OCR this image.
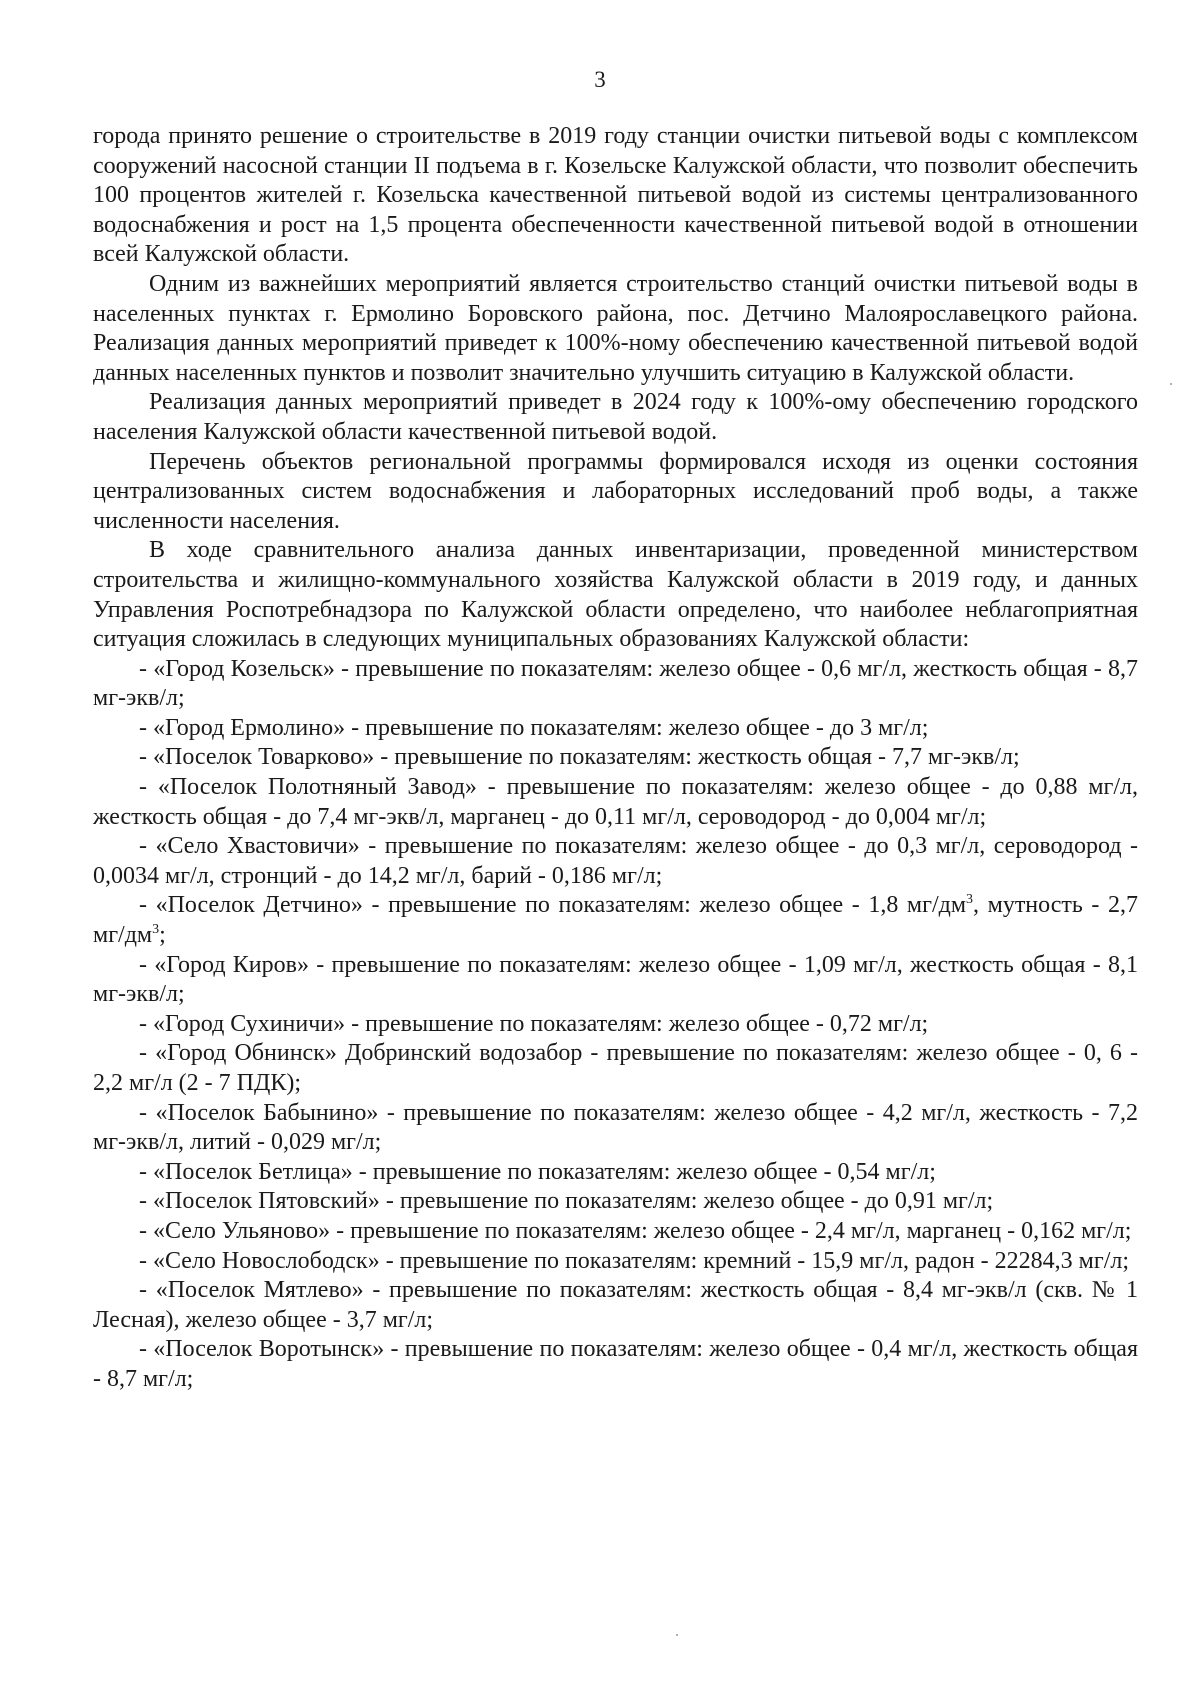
3

города принято решение о строительстве в 2019 году станции очистки питьевой воды с комплексом сооружений насосной станции II подъема в г. Козельске Калужской области, что позволит обеспечить 100 процентов жителей г. Козельска качественной питьевой водой из системы централизованного водоснабжения и рост на 1,5 процента обеспеченности качественной питьевой водой в отношении всей Калужской области.

Одним из важнейших мероприятий является строительство станций очистки питьевой воды в населенных пунктах г. Ермолино Боровского района, пос. Детчино Малоярославецкого района. Реализация данных мероприятий приведет к 100%-ному обеспечению качественной питьевой водой данных населенных пунктов и позволит значительно улучшить ситуацию в Калужской области.

Реализация данных мероприятий приведет в 2024 году к 100%-ому обеспечению городского населения Калужской области качественной питьевой водой.

Перечень объектов региональной программы формировался исходя из оценки состояния централизованных систем водоснабжения и лабораторных исследований проб воды, а также численности населения.

В ходе сравнительного анализа данных инвентаризации, проведенной министерством строительства и жилищно-коммунального хозяйства Калужской области в 2019 году, и данных Управления Роспотребнадзора по Калужской области определено, что наиболее неблагоприятная ситуация сложилась в следующих муниципальных образованиях Калужской области:

- «Город Козельск» - превышение по показателям: железо общее - 0,6 мг/л, жесткость общая - 8,7 мг-экв/л;

- «Город Ермолино» - превышение по показателям: железо общее - до 3 мг/л;

- «Поселок Товарково» - превышение по показателям: жесткость общая - 7,7 мг-экв/л;

- «Поселок Полотняный Завод» - превышение по показателям: железо общее - до 0,88 мг/л, жесткость общая - до 7,4 мг-экв/л, марганец - до 0,11 мг/л, сероводород - до 0,004 мг/л;

- «Село Хвастовичи» - превышение по показателям: железо общее - до 0,3 мг/л, сероводород - 0,0034 мг/л, стронций - до 14,2 мг/л, барий - 0,186 мг/л;

- «Поселок Детчино» - превышение по показателям: железо общее - 1,8 $мг/дм^3$, мутность - 2,7 $мг/дм^3$;

- «Город Киров» - превышение по показателям: железо общее - 1,09 мг/л, жесткость общая - 8,1 мг-экв/л;

- «Город Сухиничи» - превышение по показателям: железо общее - 0,72 мг/л;

- «Город Обнинск» Добринский водозабор - превышение по показателям: железо общее - 0, 6 - 2,2 мг/л (2 - 7 ПДК);

- «Поселок Бабынино» - превышение по показателям: железо общее - 4,2 мг/л, жесткость - 7,2 мг-экв/л, литий - 0,029 мг/л;

- «Поселок Бетлица» - превышение по показателям: железо общее - 0,54 мг/л;

- «Поселок Пятовский» - превышение по показателям: железо общее - до 0,91 мг/л;

- «Село Ульяново» - превышение по показателям: железо общее - 2,4 мг/л, марганец - 0,162 мг/л;

- «Село Новослободск» - превышение по показателям: кремний - 15,9 мг/л, радон - 22284,3 мг/л;

- «Поселок Мятлево» - превышение по показателям: жесткость общая - 8,4 мг-экв/л (скв. № 1 Лесная), железо общее - 3,7 мг/л;

- «Поселок Воротынск» - превышение по показателям: железо общее - 0,4 мг/л, жесткость общая - 8,7 мг/л;
